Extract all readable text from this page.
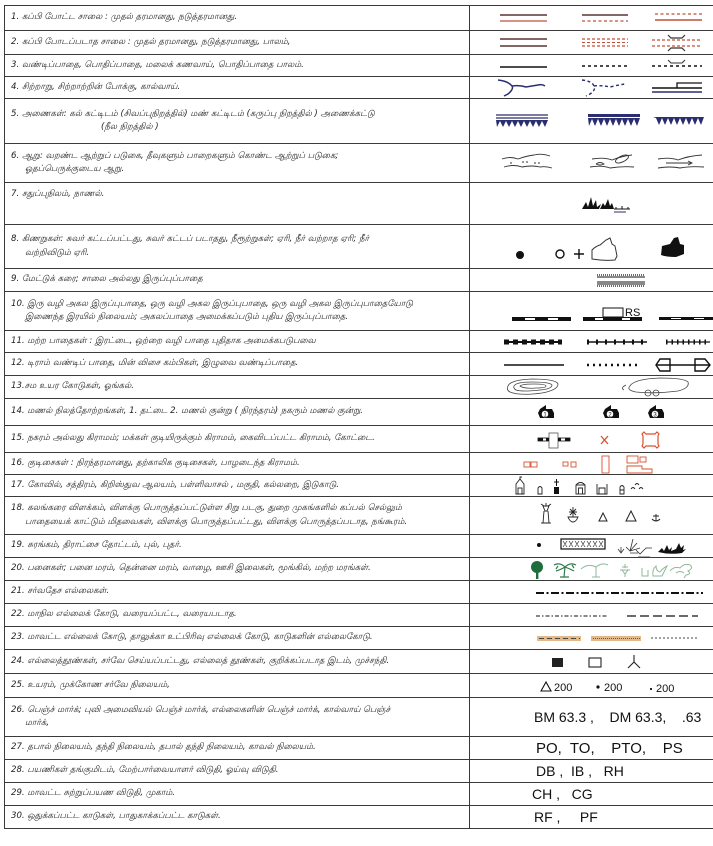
1. கப்பி போட்ட சாலை : முதல் தரமானது, நடுத்தரமானது.	

2. கப்பி போடப்படாத சாலை : முதல் தரமானது, நடுத்தரமானது, பாலம்,	

3. வண்டிப்பாதை, பொதிப்பாதை, மலைக் கணவாய், பொதிப்பாதை பாலம்.	

4. சிற்றாறு, சிற்றாற்றின் போக்கு, கால்வாய்.	

5. அணைகள்: கல் கட்டிடம் (சிவப்புநிறத்தில்) மண் கட்டிடம் (கருப்பு நிறத்தில் ) அணைக்கட்டு
(நீல நிறத்தில் )	

6. ஆறு: வறண்ட ஆற்றுப் படுகை, தீவுகளும் பாறைகளும் கொண்ட ஆற்றுப் படுகை;
ஓதப்பெருக்குடைய ஆறு.	

7. சதுப்புநிலம், நாணல்.	

8. கிணறுகள்: சுவர் கட்டப்பட்டது, சுவர் கட்டப் படாதது, நீரூற்றுகள்; ஏரி, நீர் வற்றாத ஏரி; நீர்
வற்றிவிடும் ஏரி.	

9. மேட்டுக் கரை; சாலை அல்லது இருப்புப்பாதை	

10. இரு வழி அகல இருப்புபாதை, ஒரு வழி அகல இருப்புபாதை, ஒரு வழி அகல இருப்புபாதையோடு
இணைந்த இரயில் நிலையம்; அகலப்பாதை அமைக்கப்படும் புதிய இருப்புப்பாதை.	RS

11. மற்ற பாதைகள் : இரட்டை, ஒற்றை வழி பாதை புதிதாக அமைக்கபடுபவை	

12. டிராம் வண்டிப் பாதை, மின் விசை கம்பிகள், இழுவை வண்டிப்பாதை.	

13.சம உயர கோடுகள், ஓங்கல்.	

14. மணல் நிலத்தோற்றங்கள், 1. தட்டை 2. மணல் குன்று ( நிரந்தரம்) நகரும் மணல் குன்று.	1 2 3

15. நகரம் அல்லது கிராமம்; மக்கள் குடியிருக்கும் கிராமம், கைவிடப்பட்ட கிராமம், கோட்டை.	

16. குடிசைகள் : நிரந்தரமானது, தற்காலிக குடிசைகள், பாழடைந்த கிராமம்.	

17. கோவில், சத்திரம், கிறிஸ்துவ ஆலயம், பள்ளிவாசல் , மகுதி, கல்லறை, இடுகாடு.	

18. கலங்கரை விளக்கம், விளக்கு பொருத்தப்பட்டுள்ள சிறு படகு, துறை முகங்களில் கப்பல் செல்லும்
பாதையைக் காட்டும் மிதவைகள், விளக்கு பொருத்தப்பட்டது, விளக்கு பொருத்தப்படாத, நங்கூரம்.	

19. சுரங்கம், திராட்சை தோட்டம், புல், புதர்.	

20. பனைகள்; பனை மரம், தென்னை மரம், வாழை, ஊசி இலைகள், மூங்கில், மற்ற மரங்கள்.	

21. சர்வதேச எல்லைகள்.	

22. மாநில எல்லைக் கோடு, வரையப்பட்ட, வரையபடாத.	

23. மாவட்ட எல்லைக் கோடு, தாலுக்கா உட்பிரிவு எல்லைக் கோடு, காடுகளின் எல்லைகோடு.	

24. எல்லைத்தூண்கள், சர்வே செய்யப்பட்டது, எல்லைத் தூண்கள், குறிக்கப்படாத இடம், முச்சந்தி.	

25. உயரம், முக்கோண சர்வே நிலையம்,	200 200 200

26. பெஞ்ச் மார்க்; புவி அமைவியல் பெஞ்ச் மார்க், எல்லைகளின் பெஞ்ச் மார்க், கால்வாய் பெஞ்ச்
மார்க்,	BM 63.3 ,    DM 63.3,    .63
27. தபால் நிலையம், தந்தி நிலையம், தபால் தந்தி நிலையம், காவல் நிலையம்.	PO,  TO,    PTO,    PS
28. பயணிகள் தங்குமிடம், மேற்பார்வையாளர் விடுதி, ஓய்வு விடுதி.	DB ,  IB ,   RH
29. மாவட்ட சுற்றுப்பயண விடுதி, முகாம்.	CH ,   CG
30. ஒதுக்கப்பட்ட காடுகள், பாதுகாக்கப்பட்ட காடுகள்.	RF ,     PF
